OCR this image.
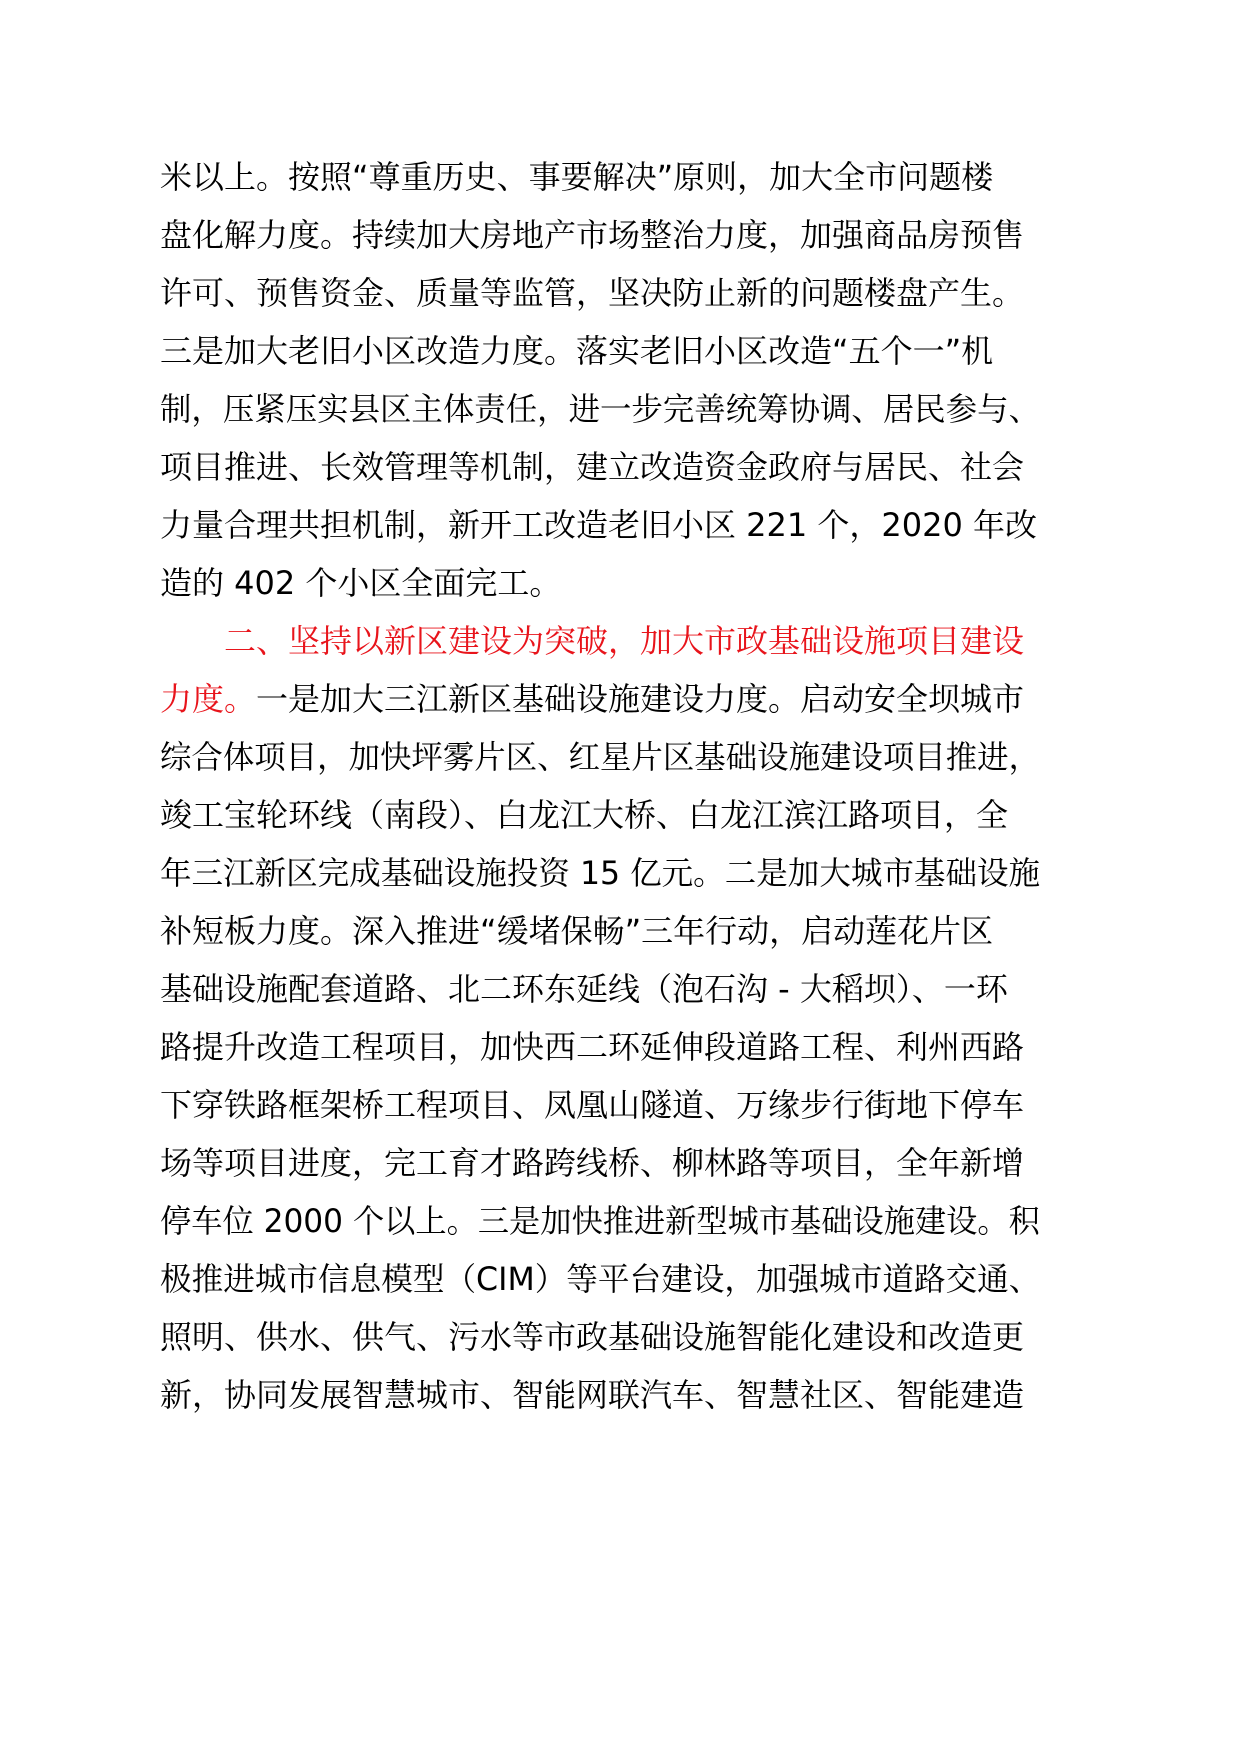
米以上。按照“尊重历史、事要解决”原则，加大全市问题楼
盘化解力度。持续加大房地产市场整治力度，加强商品房预售
许可、预售资金、质量等监管，坚决防止新的问题楼盘产生。
三是加大老旧小区改造力度。落实老旧小区改造“五个一”机
制，压紧压实县区主体责任，进一步完善统筹协调、居民参与、
项目推进、长效管理等机制，建立改造资金政府与居民、社会
力量合理共担机制，新开工改造老旧小区 221 个，2020 年改
造的 402 个小区全面完工。
二、坚持以新区建设为突破，加大市政基础设施项目建设
力度。一是加大三江新区基础设施建设力度。启动安全坝城市
综合体项目，加快坪雾片区、红星片区基础设施建设项目推进，
竣工宝轮环线（南段）、白龙江大桥、白龙江滨江路项目，全
年三江新区完成基础设施投资 15 亿元。二是加大城市基础设施
补短板力度。深入推进“缓堵保畅”三年行动，启动莲花片区
基础设施配套道路、北二环东延线（泡石沟 - 大稻坝）、一环
路提升改造工程项目，加快西二环延伸段道路工程、利州西路
下穿铁路框架桥工程项目、凤凰山隧道、万缘步行街地下停车
场等项目进度，完工育才路跨线桥、柳林路等项目，全年新增
停车位 2000 个以上。三是加快推进新型城市基础设施建设。积
极推进城市信息模型（CIM）等平台建设，加强城市道路交通、
照明、供水、供气、污水等市政基础设施智能化建设和改造更
新，协同发展智慧城市、智能网联汽车、智慧社区、智能建造
